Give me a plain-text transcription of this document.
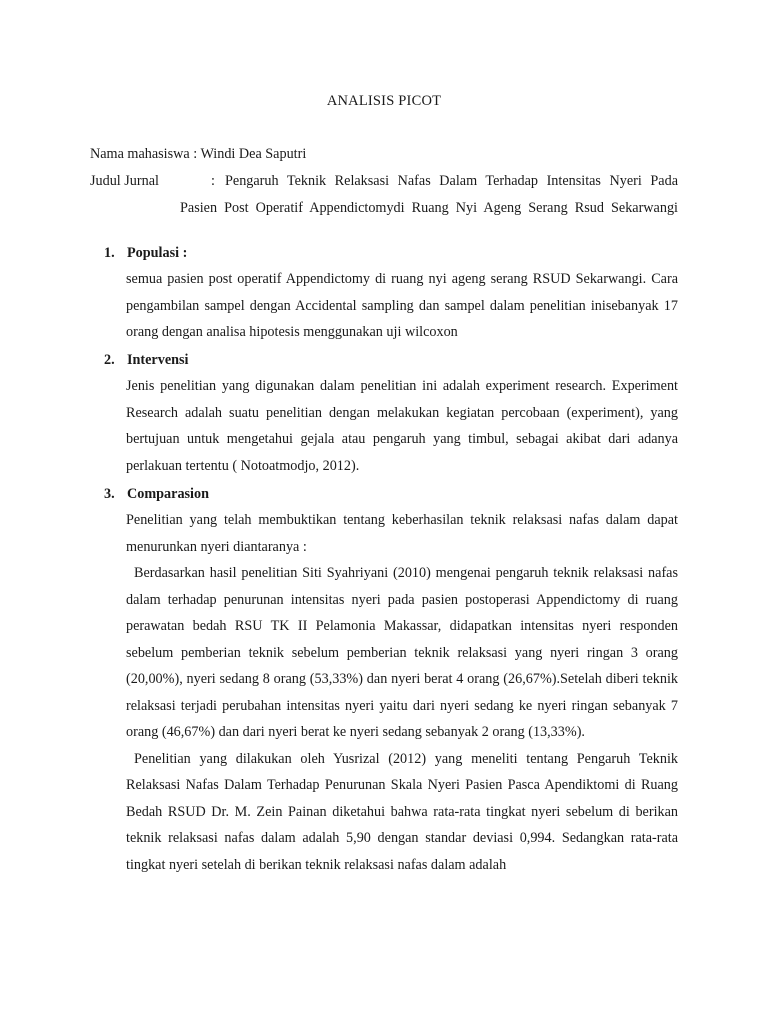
ANALISIS PICOT
Nama mahasiswa : Windi Dea Saputri
Judul Jurnal	: Pengaruh Teknik Relaksasi Nafas Dalam Terhadap Intensitas Nyeri Pada
Pasien Post Operatif Appendictomydi Ruang Nyi Ageng Serang Rsud Sekarwangi
1. Populasi :

semua pasien post operatif Appendictomy di ruang nyi ageng serang RSUD Sekarwangi. Cara pengambilan sampel dengan Accidental sampling dan sampel dalam penelitian inisebanyak 17 orang dengan analisa hipotesis menggunakan uji wilcoxon

2. Intervensi

Jenis penelitian yang digunakan dalam penelitian ini adalah experiment research. Experiment Research adalah suatu penelitian dengan melakukan kegiatan percobaan (experiment), yang bertujuan untuk mengetahui gejala atau pengaruh yang timbul, sebagai akibat dari adanya perlakuan tertentu ( Notoatmodjo, 2012).

3. Comparasion

Penelitian yang telah membuktikan tentang keberhasilan teknik relaksasi nafas dalam dapat menurunkan nyeri diantaranya :

Berdasarkan hasil penelitian Siti Syahriyani (2010) mengenai pengaruh teknik relaksasi nafas dalam terhadap penurunan intensitas nyeri pada pasien postoperasi Appendictomy di ruang perawatan bedah RSU TK II Pelamonia Makassar, didapatkan intensitas nyeri responden sebelum pemberian teknik sebelum pemberian teknik relaksasi yang nyeri ringan 3 orang (20,00%), nyeri sedang 8 orang (53,33%) dan nyeri berat 4 orang (26,67%).Setelah diberi teknik relaksasi terjadi perubahan intensitas nyeri yaitu dari nyeri sedang ke nyeri ringan sebanyak 7 orang (46,67%) dan dari nyeri berat ke nyeri sedang sebanyak 2 orang (13,33%).

Penelitian yang dilakukan oleh Yusrizal (2012) yang meneliti tentang Pengaruh Teknik Relaksasi Nafas Dalam Terhadap Penurunan Skala Nyeri Pasien Pasca Apendiktomi di Ruang Bedah RSUD Dr. M. Zein Painan diketahui bahwa rata-rata tingkat nyeri sebelum di berikan teknik relaksasi nafas dalam adalah 5,90 dengan standar deviasi 0,994. Sedangkan rata-rata tingkat nyeri setelah di berikan teknik relaksasi nafas dalam adalah
